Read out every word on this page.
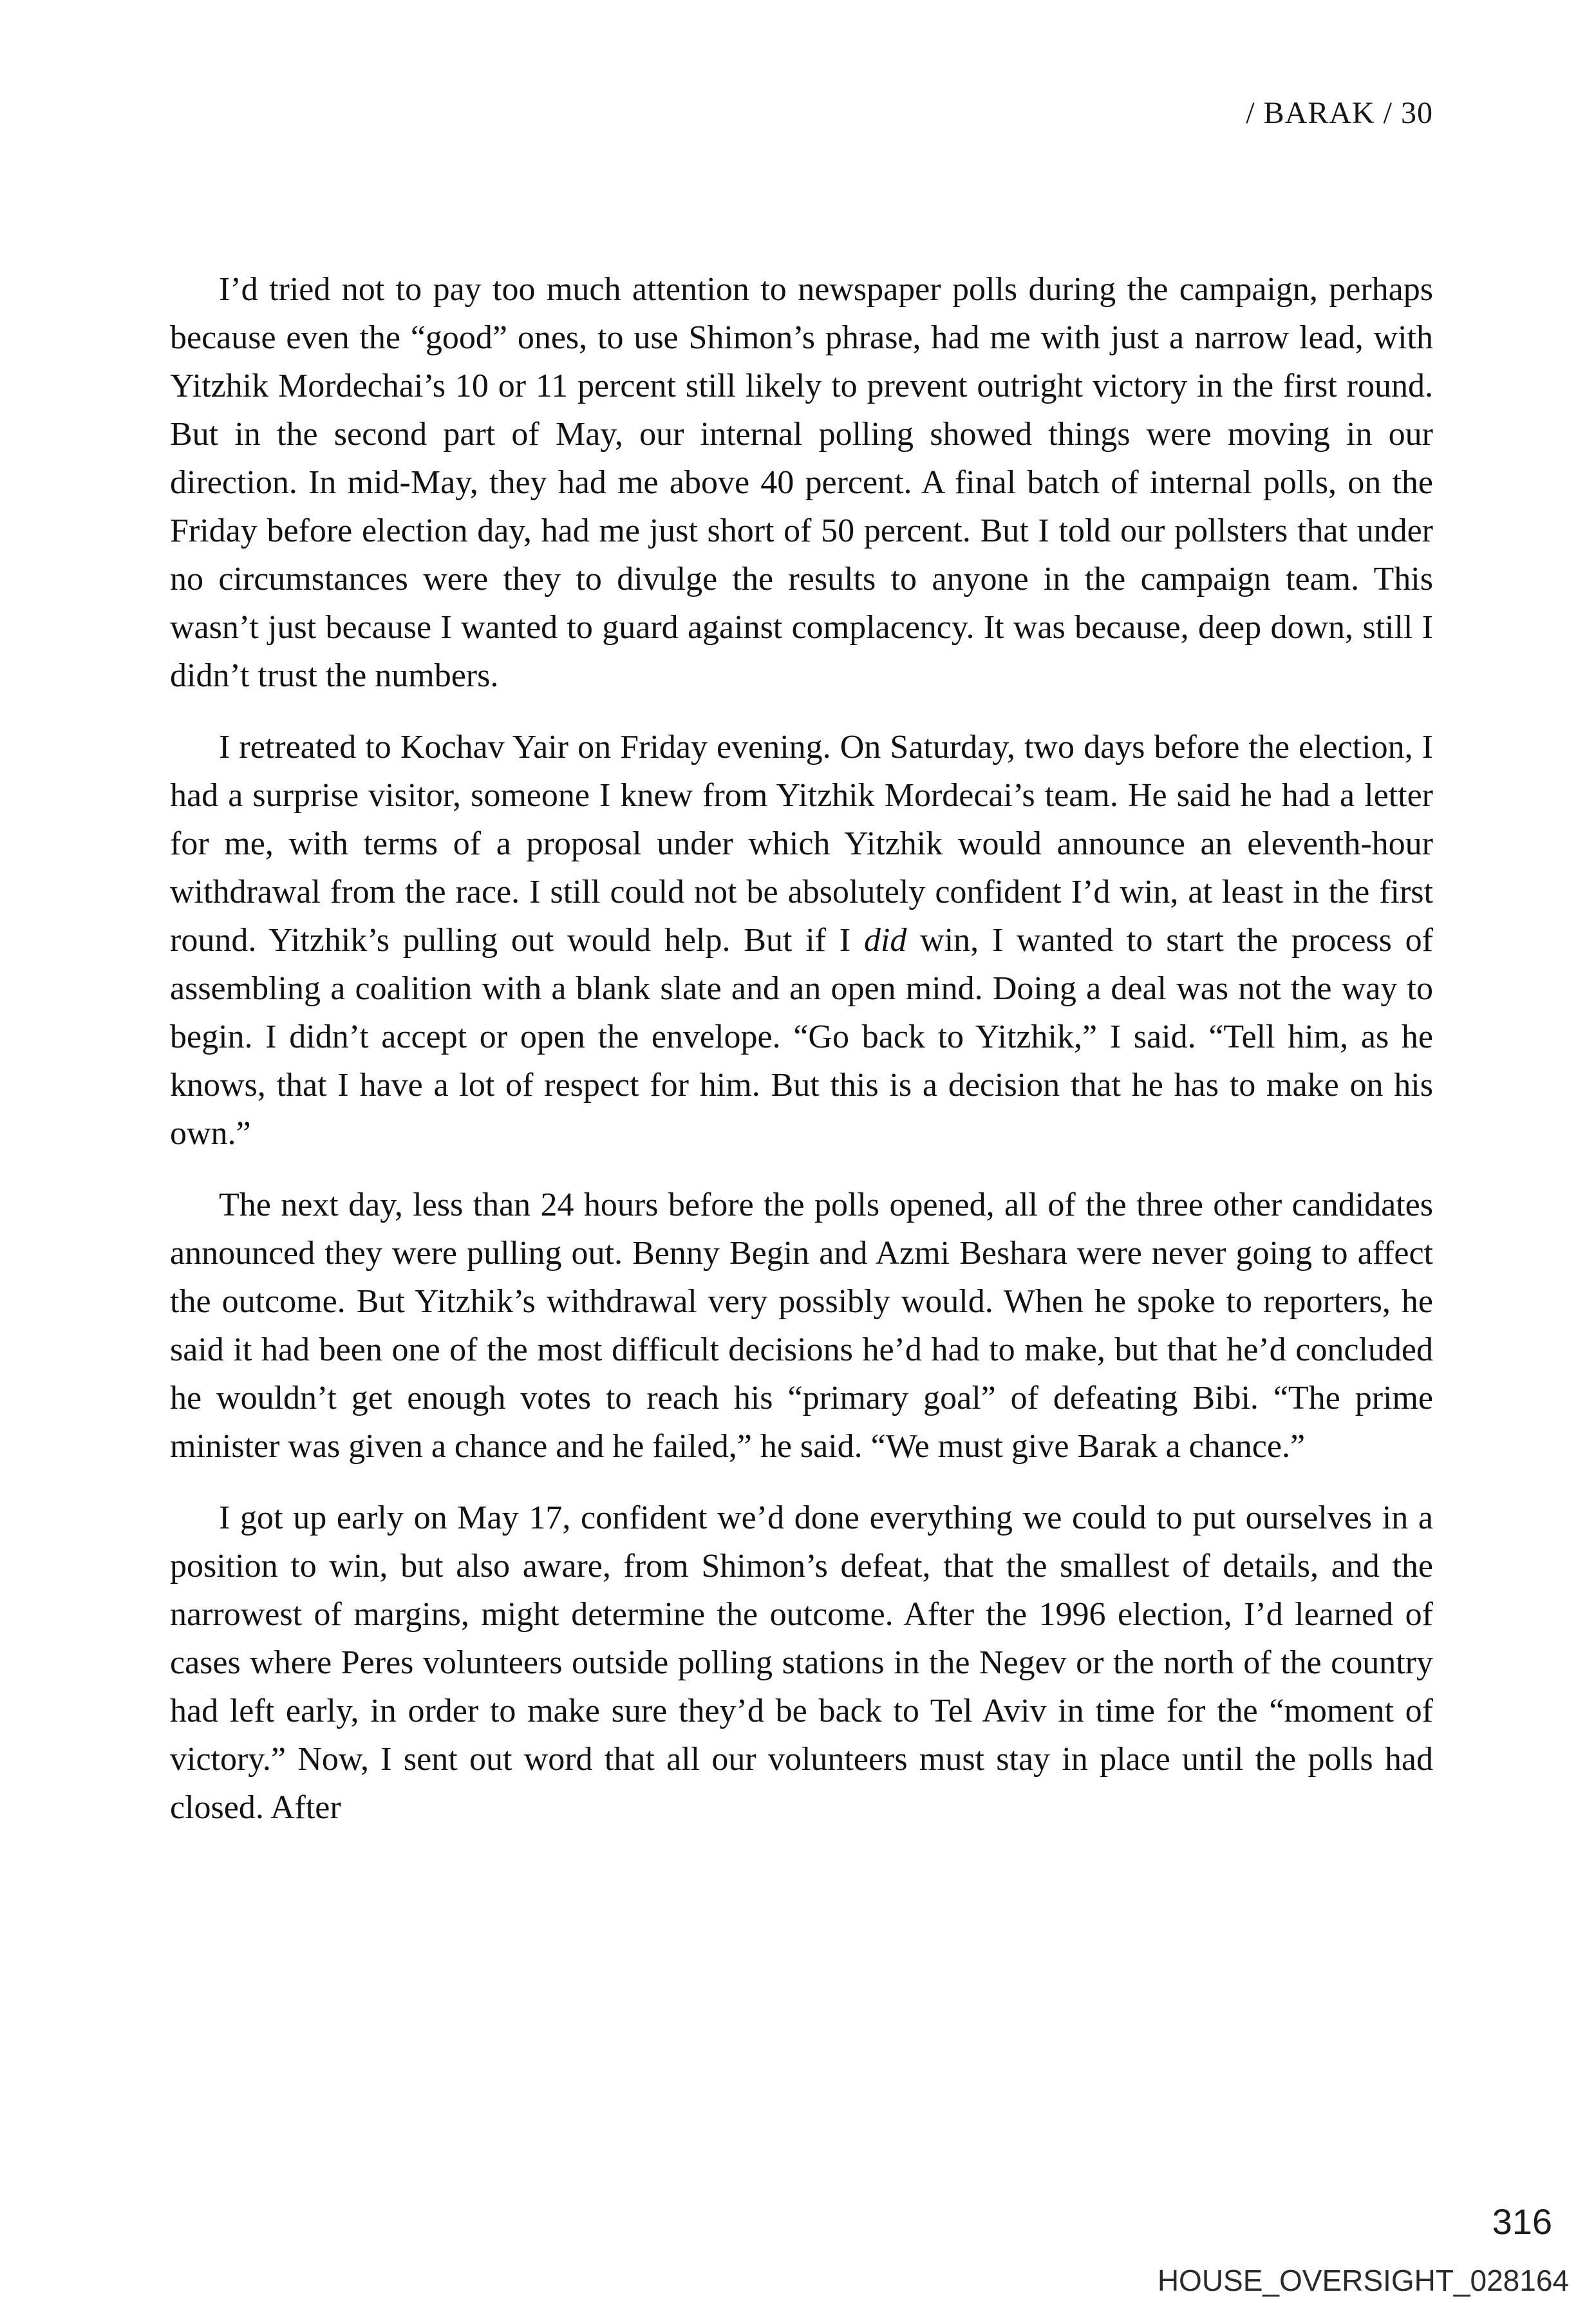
/ BARAK / 30

I’d tried not to pay too much attention to newspaper polls during the campaign, perhaps because even the “good” ones, to use Shimon’s phrase, had me with just a narrow lead, with Yitzhik Mordechai’s 10 or 11 percent still likely to prevent outright victory in the first round. But in the second part of May, our internal polling showed things were moving in our direction. In mid-May, they had me above 40 percent. A final batch of internal polls, on the Friday before election day, had me just short of 50 percent. But I told our pollsters that under no circumstances were they to divulge the results to anyone in the campaign team. This wasn’t just because I wanted to guard against complacency. It was because, deep down, still I didn’t trust the numbers.

I retreated to Kochav Yair on Friday evening. On Saturday, two days before the election, I had a surprise visitor, someone I knew from Yitzhik Mordecai’s team. He said he had a letter for me, with terms of a proposal under which Yitzhik would announce an eleventh-hour withdrawal from the race. I still could not be absolutely confident I’d win, at least in the first round. Yitzhik’s pulling out would help. But if I did win, I wanted to start the process of assembling a coalition with a blank slate and an open mind. Doing a deal was not the way to begin. I didn’t accept or open the envelope. “Go back to Yitzhik,” I said. “Tell him, as he knows, that I have a lot of respect for him. But this is a decision that he has to make on his own.”

The next day, less than 24 hours before the polls opened, all of the three other candidates announced they were pulling out. Benny Begin and Azmi Beshara were never going to affect the outcome. But Yitzhik’s withdrawal very possibly would. When he spoke to reporters, he said it had been one of the most difficult decisions he’d had to make, but that he’d concluded he wouldn’t get enough votes to reach his “primary goal” of defeating Bibi. “The prime minister was given a chance and he failed,” he said. “We must give Barak a chance.”

I got up early on May 17, confident we’d done everything we could to put ourselves in a position to win, but also aware, from Shimon’s defeat, that the smallest of details, and the narrowest of margins, might determine the outcome. After the 1996 election, I’d learned of cases where Peres volunteers outside polling stations in the Negev or the north of the country had left early, in order to make sure they’d be back to Tel Aviv in time for the “moment of victory.” Now, I sent out word that all our volunteers must stay in place until the polls had closed. After

316
HOUSE_OVERSIGHT_028164
